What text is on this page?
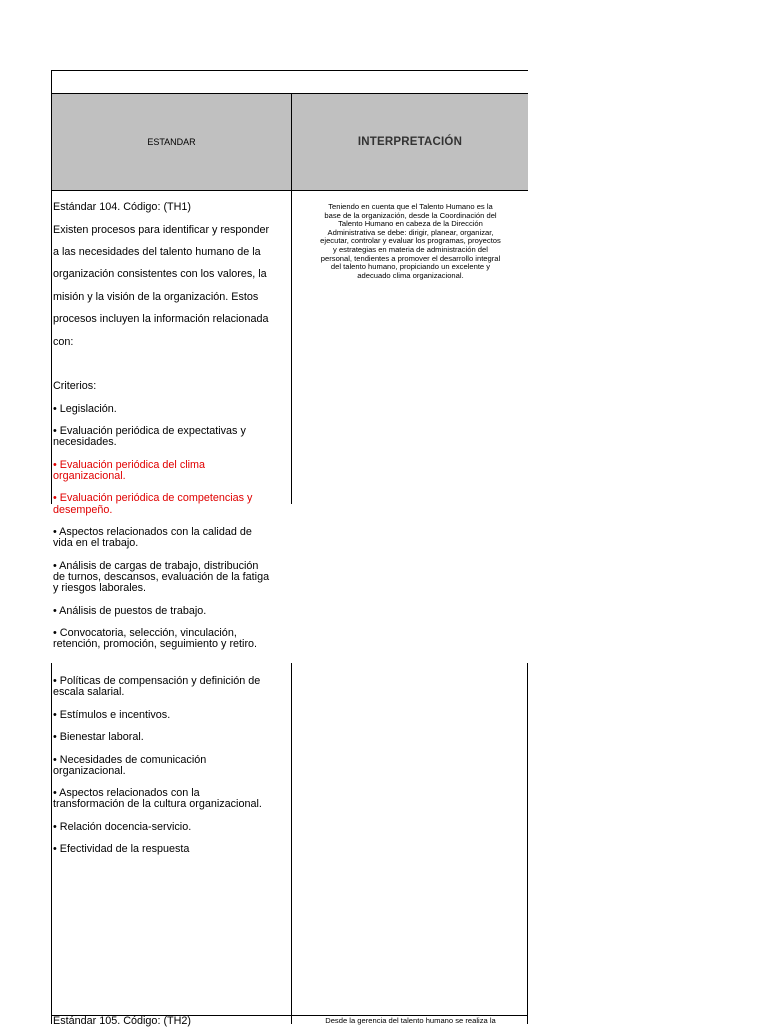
ESTANDAR	INTERPRETACIÓN

Estándar 104. Código: (TH1)

Existen procesos para identificar y responder

a las necesidades del talento humano de la

organización consistentes con los valores, la

misión y la visión de la organización. Estos

procesos incluyen la información relacionada

con:

Criterios:

• Legislación.

• Evaluación periódica de expectativas y
necesidades.

• Evaluación periódica del clima
organizacional.

• Evaluación periódica de competencias y
desempeño.

• Aspectos relacionados con la calidad de
vida en el trabajo.

• Análisis de cargas de trabajo, distribución
de turnos, descansos, evaluación de la fatiga
y riesgos laborales.

• Análisis de puestos de trabajo.

• Convocatoria, selección, vinculación,
retención, promoción, seguimiento y retiro.

Teniendo en cuenta que el Talento Humano es la
base de la organización, desde la Coordinación del
Talento Humano en cabeza de la Dirección
Administrativa se debe: dirigir, planear, organizar,
ejecutar, controlar y evaluar los programas, proyectos
y estrategias en materia de administración del
personal, tendientes a promover el desarrollo integral
del talento humano, propiciando un excelente y
adecuado clima organizacional.

• Políticas de compensación y definición de
escala salarial.

• Estímulos e incentivos.

• Bienestar laboral.

• Necesidades de comunicación
organizacional.

• Aspectos relacionados con la
transformación de la cultura organizacional.

• Relación docencia-servicio.

• Efectividad de la respuesta

Estándar 105. Código: (TH2)	Desde la gerencia del talento humano se realiza la
